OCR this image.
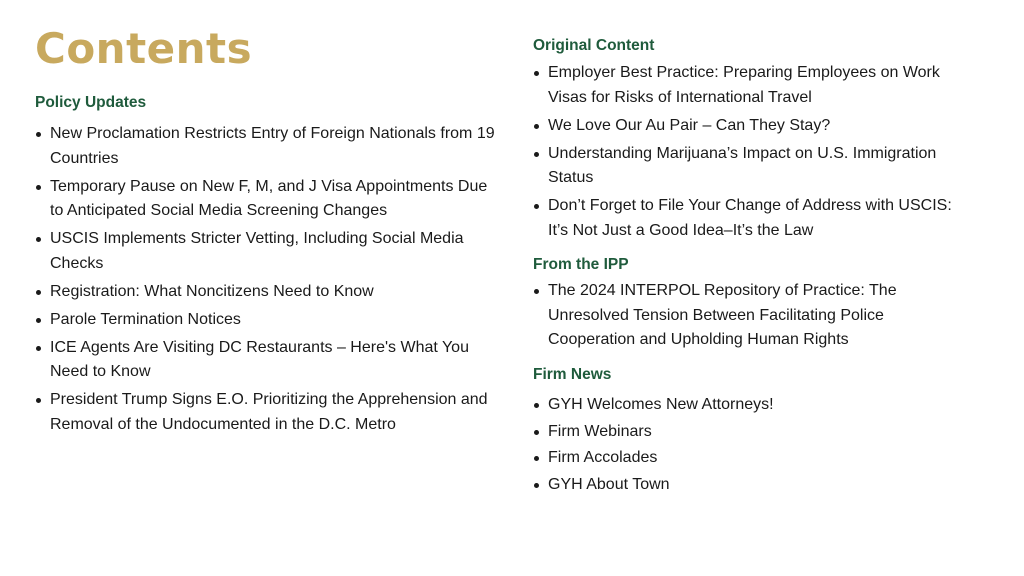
Contents
Policy Updates
New Proclamation Restricts Entry of Foreign Nationals from 19 Countries
Temporary Pause on New F, M, and J Visa Appointments Due to Anticipated Social Media Screening Changes
USCIS Implements Stricter Vetting, Including Social Media Checks
Registration: What Noncitizens Need to Know
Parole Termination Notices
ICE Agents Are Visiting DC Restaurants – Here's What You Need to Know
President Trump Signs E.O. Prioritizing the Apprehension and Removal of the Undocumented in the D.C. Metro
Original Content
Employer Best Practice: Preparing Employees on Work Visas for Risks of International Travel
We Love Our Au Pair – Can They Stay?
Understanding Marijuana’s Impact on U.S. Immigration Status
Don’t Forget to File Your Change of Address with USCIS: It’s Not Just a Good Idea–It’s the Law
From the IPP
The 2024 INTERPOL Repository of Practice: The Unresolved Tension Between Facilitating Police Cooperation and Upholding Human Rights
Firm News
GYH Welcomes New Attorneys!
Firm Webinars
Firm Accolades
GYH About Town
